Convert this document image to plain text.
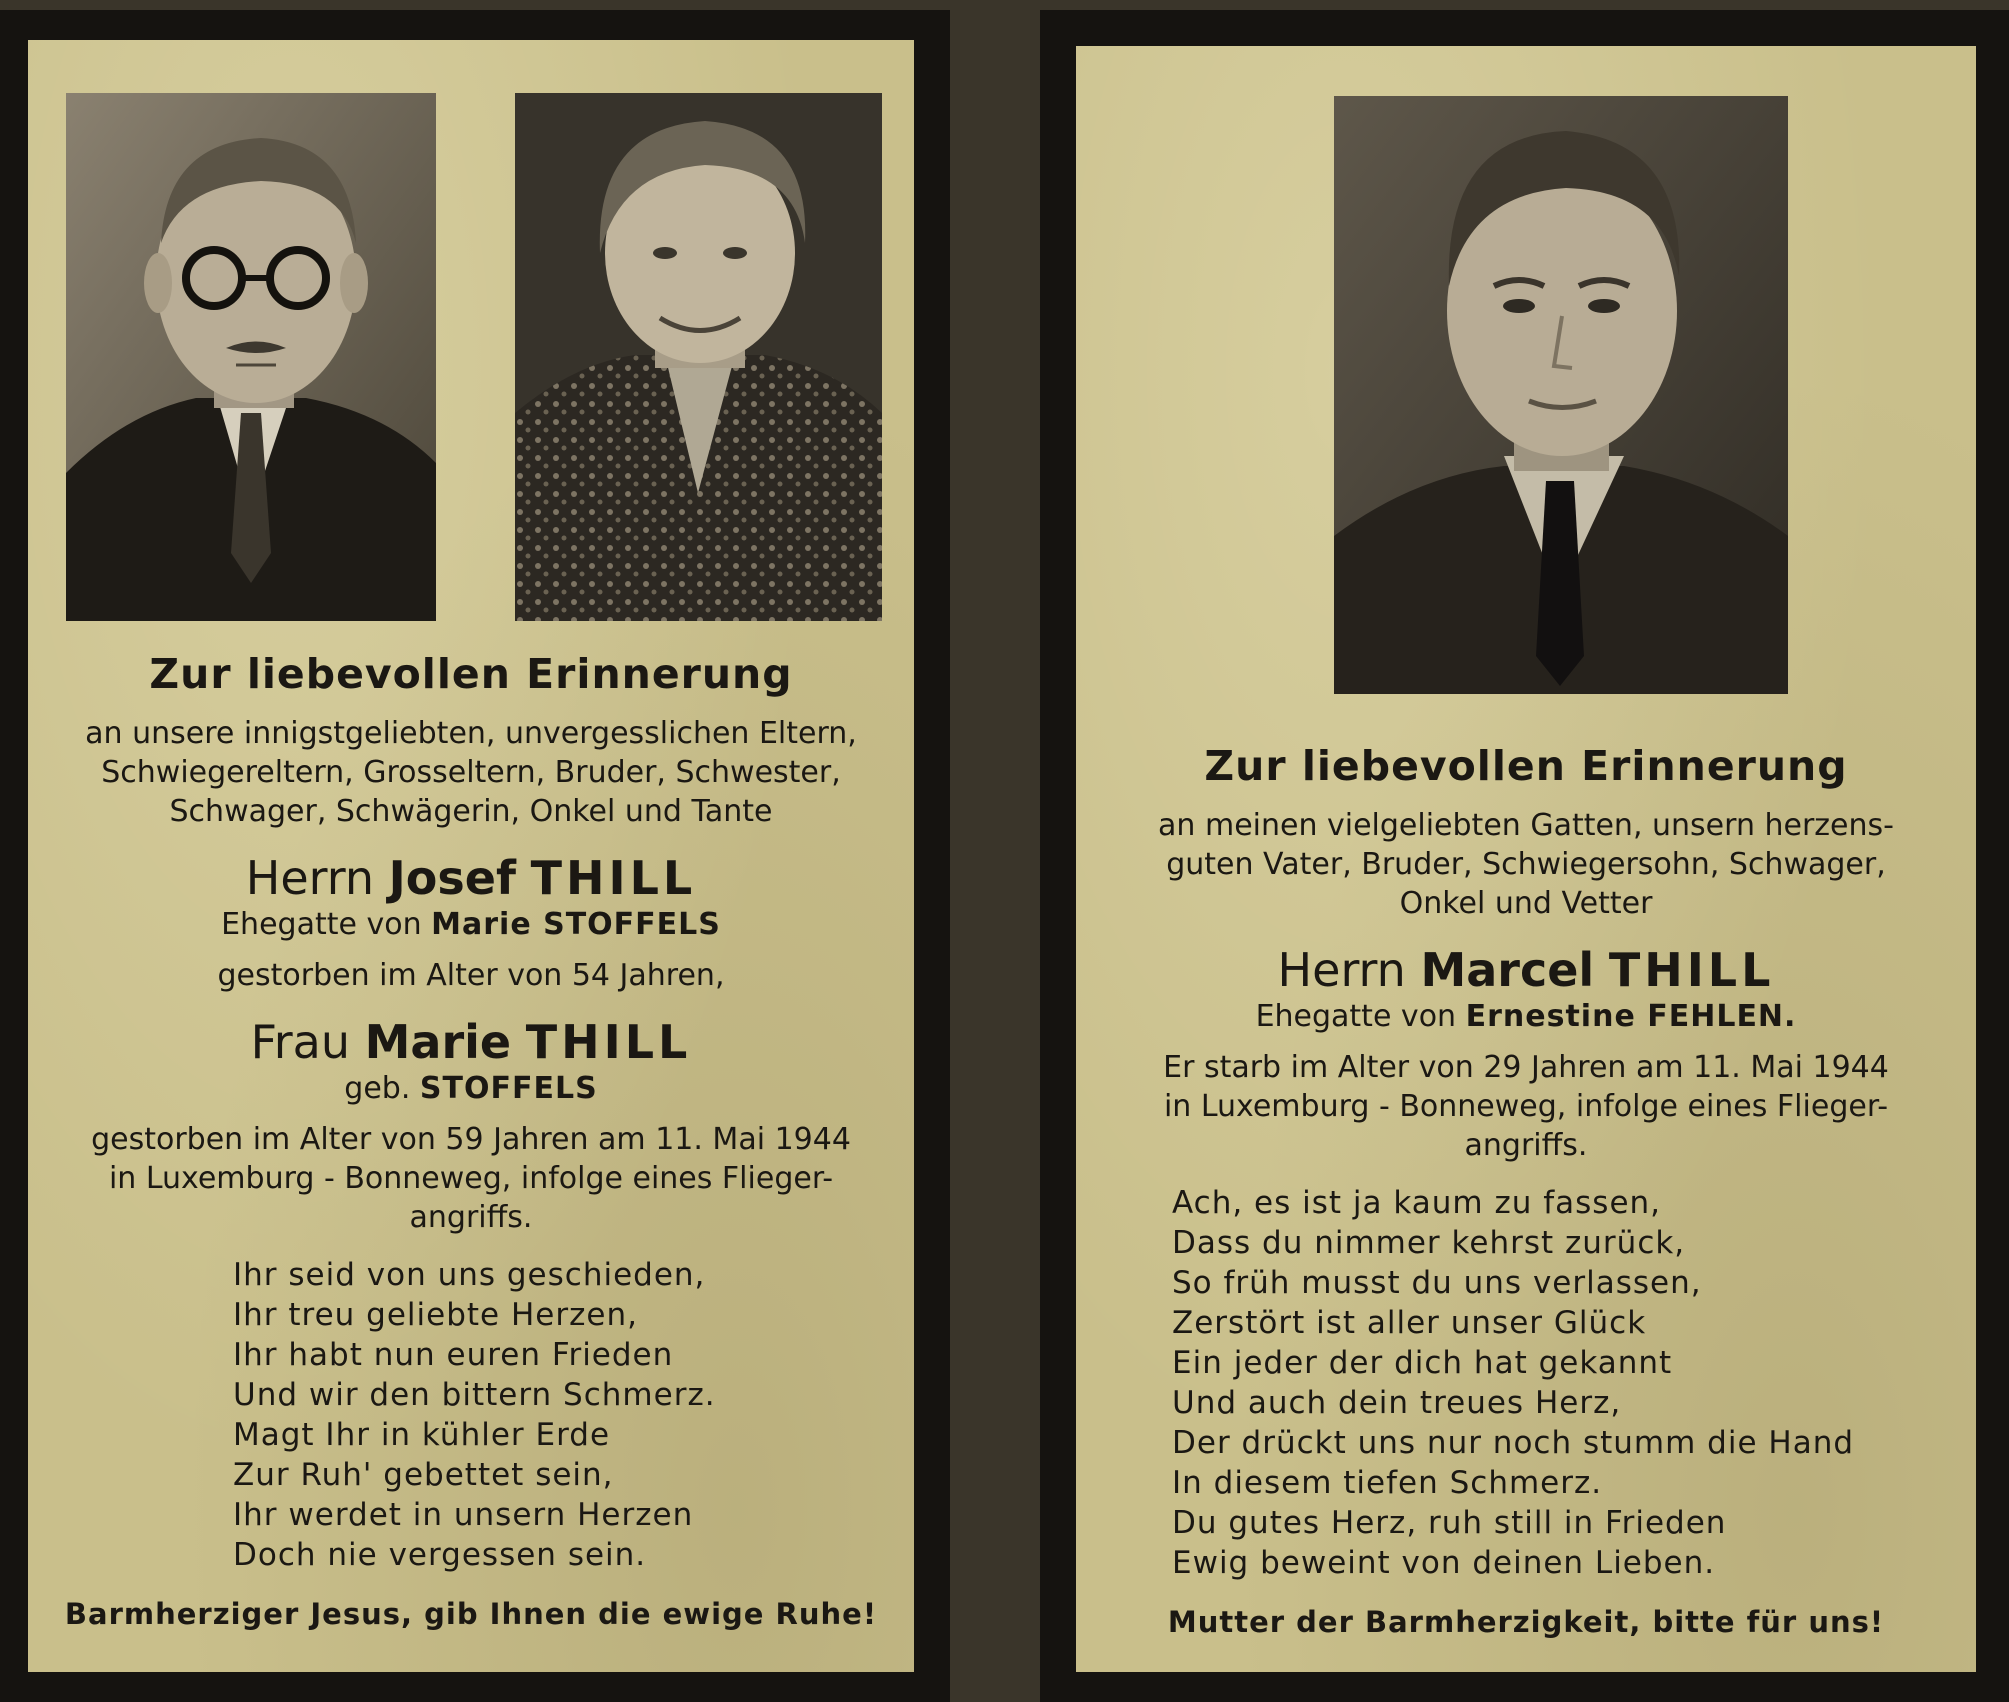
Zur liebevollen Erinnerung

an unsere innigstgeliebten, unvergesslichen Eltern,
Schwiegereltern, Grosseltern, Bruder, Schwester,
Schwager, Schwägerin, Onkel und Tante

Herrn Josef THILL

Ehegatte von Marie STOFFELS

gestorben im Alter von 54 Jahren,

Frau Marie THILL

geb. STOFFELS

gestorben im Alter von 59 Jahren am 11. Mai 1944
in Luxemburg - Bonneweg, infolge eines Flieger-
angriffs.

Ihr seid von uns geschieden,
Ihr treu geliebte Herzen,
Ihr habt nun euren Frieden
Und wir den bittern Schmerz.
Magt Ihr in kühler Erde
Zur Ruh' gebettet sein,
Ihr werdet in unsern Herzen
Doch nie vergessen sein.

Barmherziger Jesus, gib Ihnen die ewige Ruhe!

Zur liebevollen Erinnerung

an meinen vielgeliebten Gatten, unsern herzens-
guten Vater, Bruder, Schwiegersohn, Schwager,
Onkel und Vetter

Herrn Marcel THILL

Ehegatte von Ernestine FEHLEN.

Er starb im Alter von 29 Jahren am 11. Mai 1944
in Luxemburg - Bonneweg, infolge eines Flieger-
angriffs.

Ach, es ist ja kaum zu fassen,
Dass du nimmer kehrst zurück,
So früh musst du uns verlassen,
Zerstört ist aller unser Glück
Ein jeder der dich hat gekannt
Und auch dein treues Herz,
Der drückt uns nur noch stumm die Hand
In diesem tiefen Schmerz.
Du gutes Herz, ruh still in Frieden
Ewig beweint von deinen Lieben.

Mutter der Barmherzigkeit, bitte für uns!
